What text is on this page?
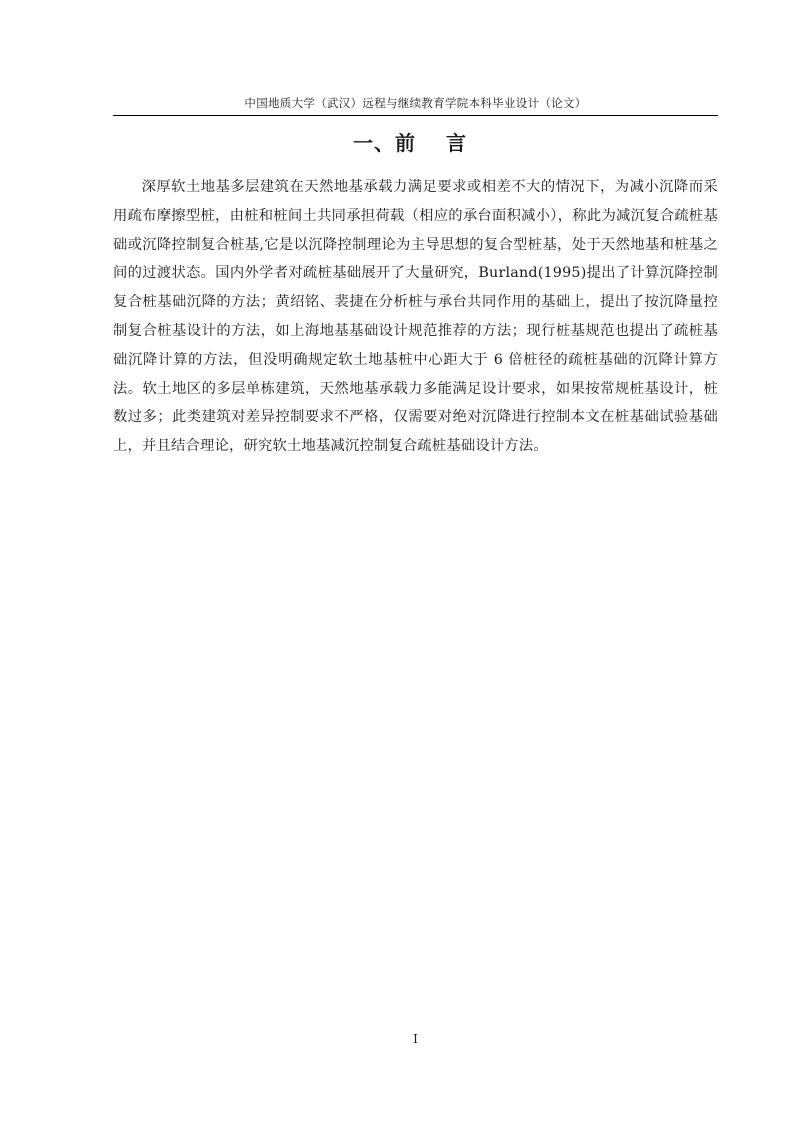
中国地质大学（武汉）远程与继续教育学院本科毕业设计（论文）
一、前 言

深厚软土地基多层建筑在天然地基承载力满足要求或相差不大的情况下，为减小沉降而采用疏布摩擦型桩，由桩和桩间土共同承担荷载（相应的承台面积减小），称此为减沉复合疏桩基础或沉降控制复合桩基,它是以沉降控制理论为主导思想的复合型桩基，处于天然地基和桩基之间的过渡状态。国内外学者对疏桩基础展开了大量研究，Burland(1995)提出了计算沉降控制复合桩基础沉降的方法；黄绍铭、裴捷在分析桩与承台共同作用的基础上，提出了按沉降量控制复合桩基设计的方法，如上海地基基础设计规范推荐的方法；现行桩基规范也提出了疏桩基础沉降计算的方法，但没明确规定软土地基桩中心距大于 6 倍桩径的疏桩基础的沉降计算方法。软土地区的多层单栋建筑，天然地基承载力多能满足设计要求，如果按常规桩基设计，桩数过多；此类建筑对差异控制要求不严格，仅需要对绝对沉降进行控制本文在桩基础试验基础上，并且结合理论，研究软土地基减沉控制复合疏桩基础设计方法。

I
